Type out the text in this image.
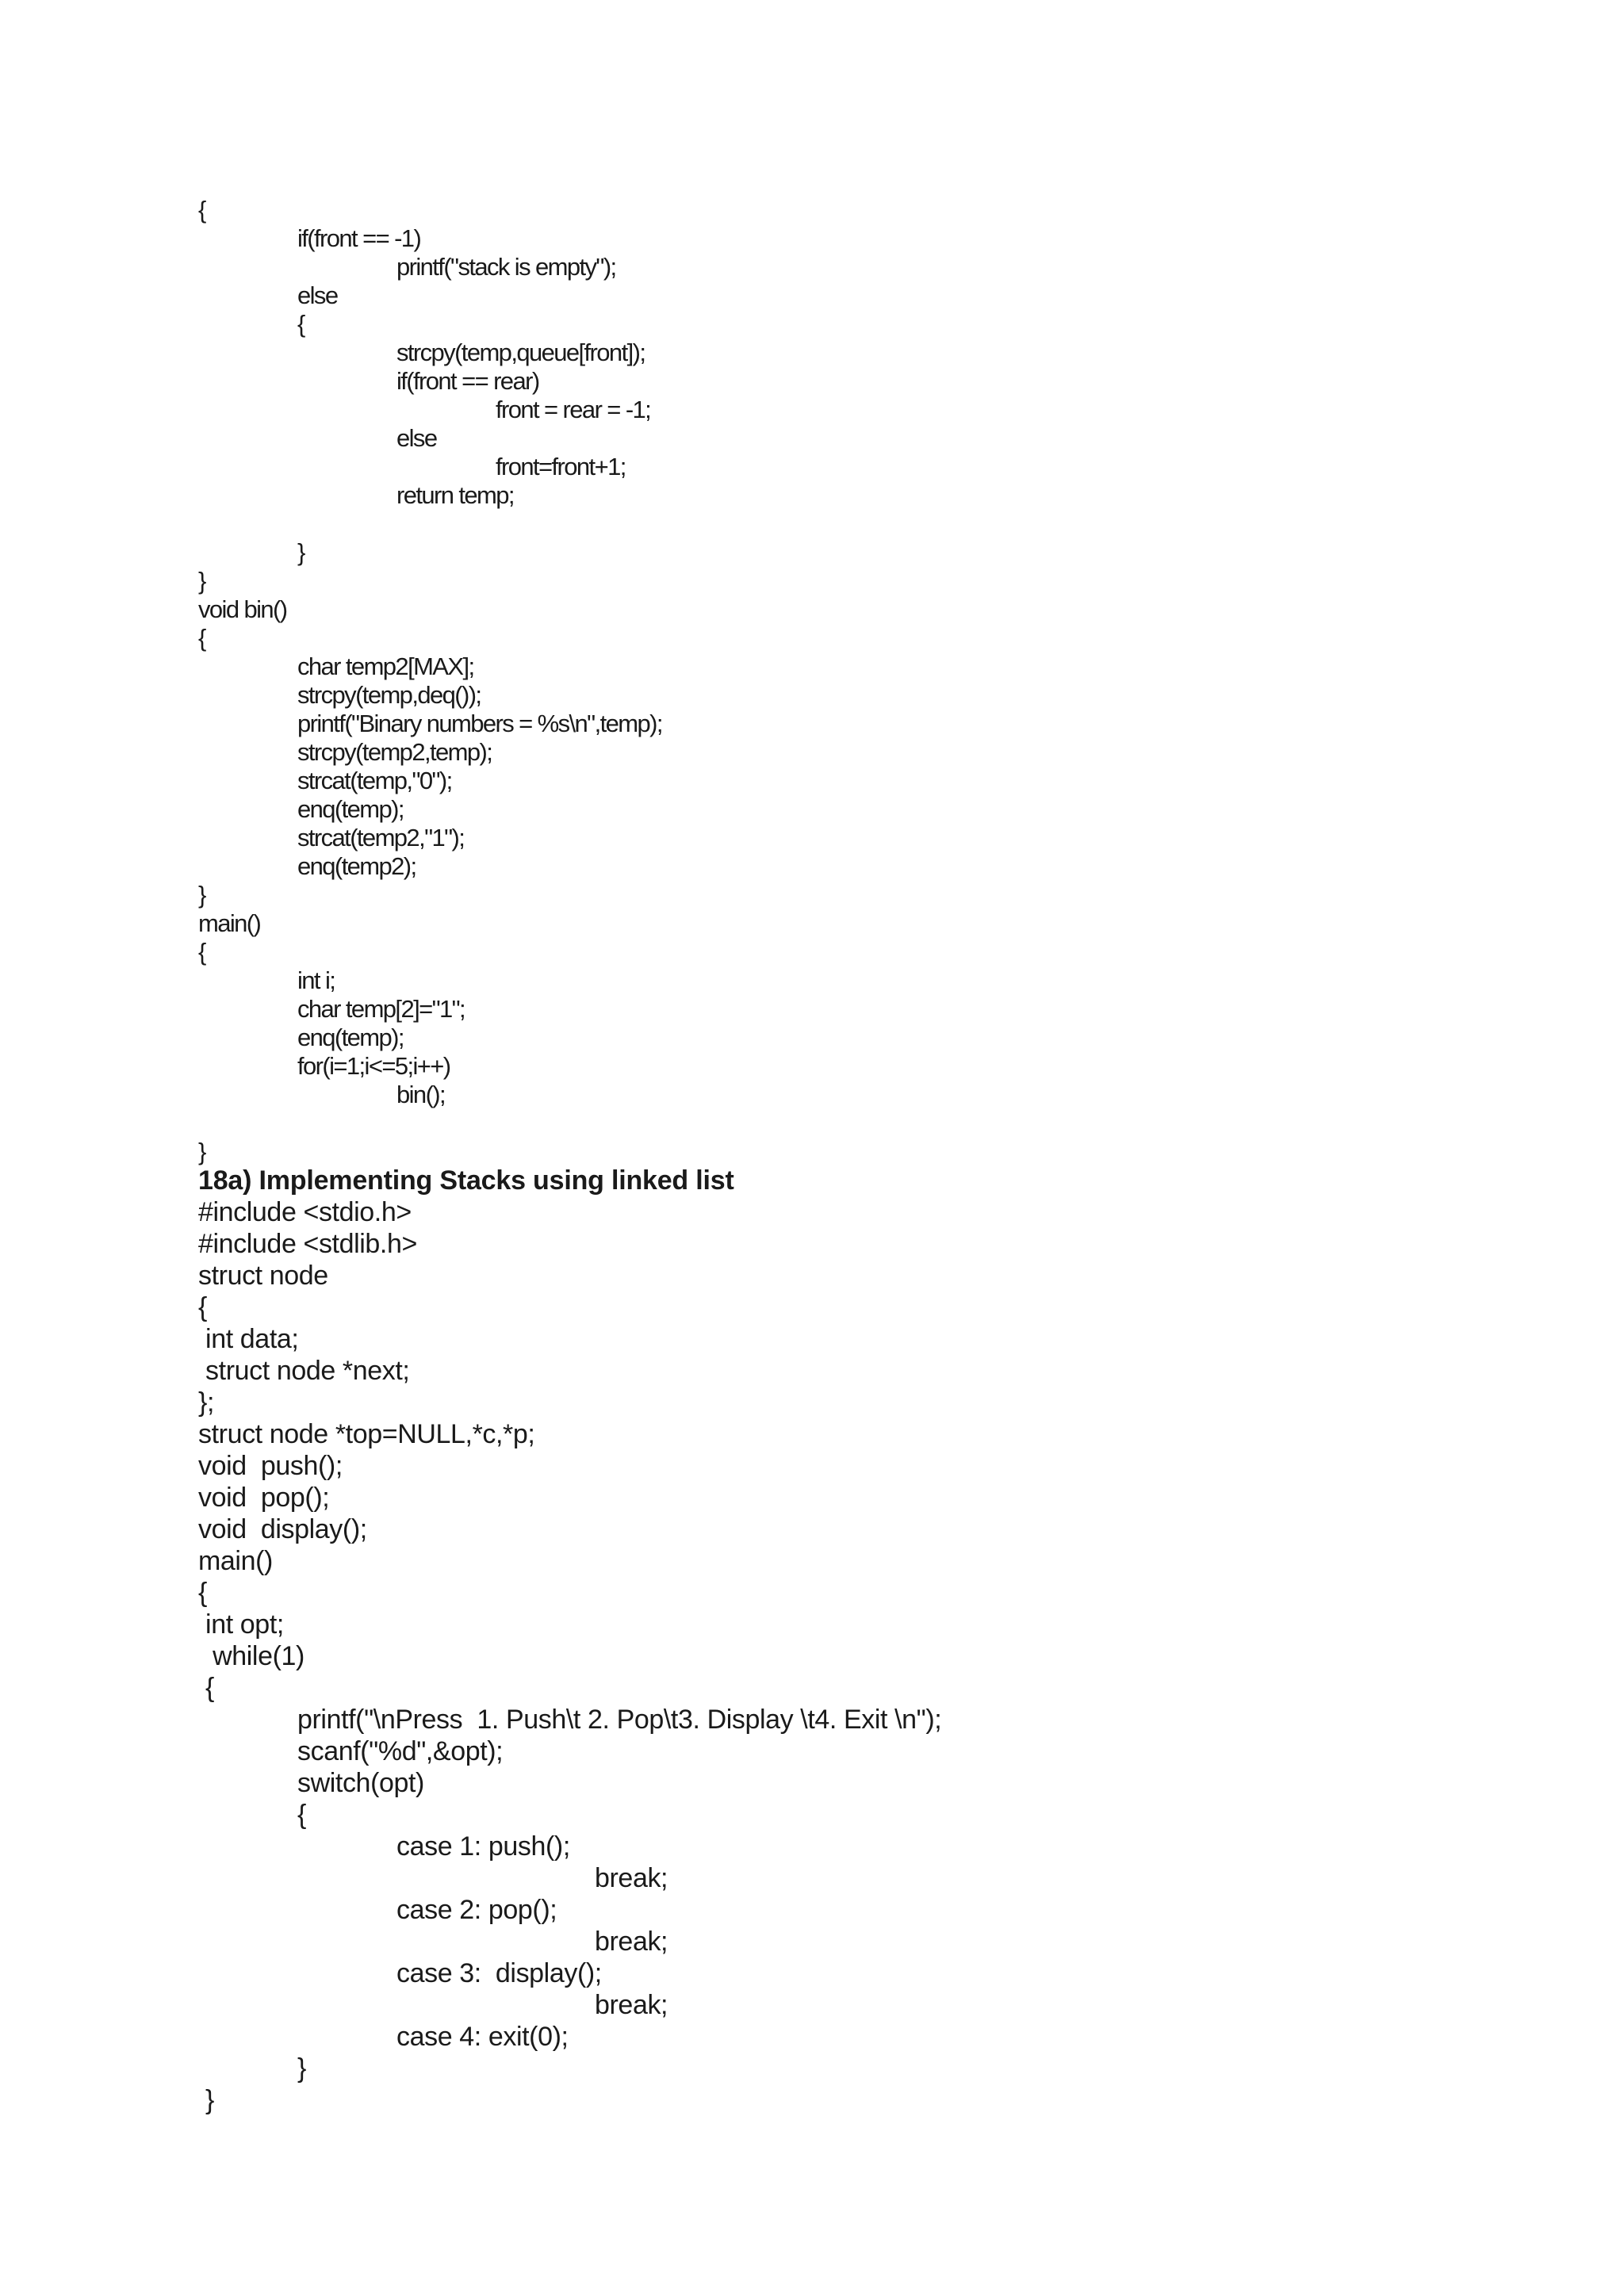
{
if(front == -1)
printf("stack is empty");
else
{
strcpy(temp,queue[front]);
if(front == rear)
front = rear = -1;
else
front=front+1;
return temp;
}
}
void bin()
{
char temp2[MAX];
strcpy(temp,deq());
printf("Binary numbers = %s\n",temp);
strcpy(temp2,temp);
strcat(temp,"0");
enq(temp);
strcat(temp2,"1");
enq(temp2);
}
main()
{
int i;
char temp[2]="1";
enq(temp);
for(i=1;i<=5;i++)
bin();
}
18a) Implementing Stacks using linked list
#include <stdio.h>
#include <stdlib.h>
struct node
{
int data;
struct node *next;
};
struct node *top=NULL,*c,*p;
void  push();
void  pop();
void  display();
main()
{
int opt;
while(1)
{
printf("\nPress  1. Push\t 2. Pop\t3. Display \t4. Exit \n");
scanf("%d",&opt);
switch(opt)
{
case 1: push();
break;
case 2: pop();
break;
case 3:  display();
break;
case 4: exit(0);
}
}
